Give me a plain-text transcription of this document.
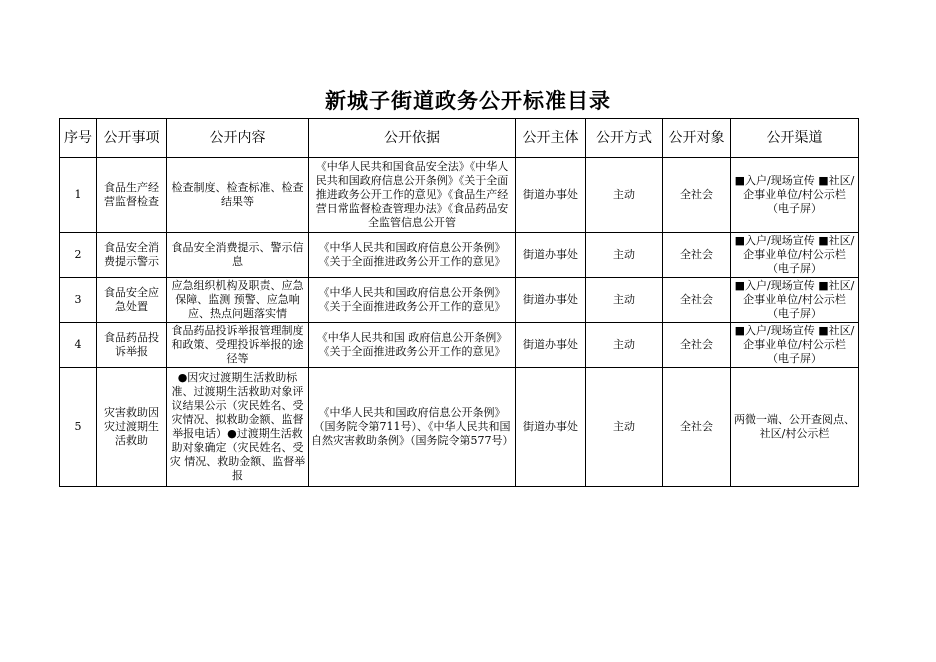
新城子街道政务公开标准目录
序号	公开事项	公开内容	公开依据	公开主体	公开方式	公开对象	公开渠道
1	食品生产经营监督检查	检查制度、检查标准、检查结果等	《中华人民共和国食品安全法》《中华人民共和国政府信息公开条例》《关于全面推进政务公开工作的意见》《食品生产经营日常监督检查管理办法》《食品药品安全监管信息公开管	街道办事处	主动	全社会	■入户/现场宣传 ■社区/企事业单位/村公示栏（电子屏）

2	食品安全消费提示警示	食品安全消费提示、警示信息	《中华人民共和国政府信息公开条例》《关于全面推进政务公开工作的意见》	街道办事处	主动	全社会	■入户/现场宣传 ■社区/企事业单位/村公示栏（电子屏）

3	食品安全应急处置	应急组织机构及职责、应急保障、监测 预警、应急响应、热点问题落实情	《中华人民共和国政府信息公开条例》《关于全面推进政务公开工作的意见》	街道办事处	主动	全社会	■入户/现场宣传 ■社区/企事业单位/村公示栏（电子屏）

4	食品药品投诉举报	食品药品投诉举报管理制度和政策、受理投诉举报的途径等	《中华人民共和国 政府信息公开条例》《关于全面推进政务公开工作的意见》	街道办事处	主动	全社会	■入户/现场宣传 ■社区/企事业单位/村公示栏（电子屏）

5	灾害救助因灾过渡期生活救助	●因灾过渡期生活救助标准、过渡期生活救助对象评议结果公示（灾民姓名、受灾情况、拟救助金额、监督举报电话）●过渡期生活救助对象确定（灾民姓名、受灾 情况、救助金额、监督举报	《中华人民共和国政府信息公开条例》（国务院令第711号）、《中华人民共和国自然灾害救助条例》（国务院令第577号）	街道办事处	主动	全社会	两微一端、公开查阅点、社区/村公示栏
